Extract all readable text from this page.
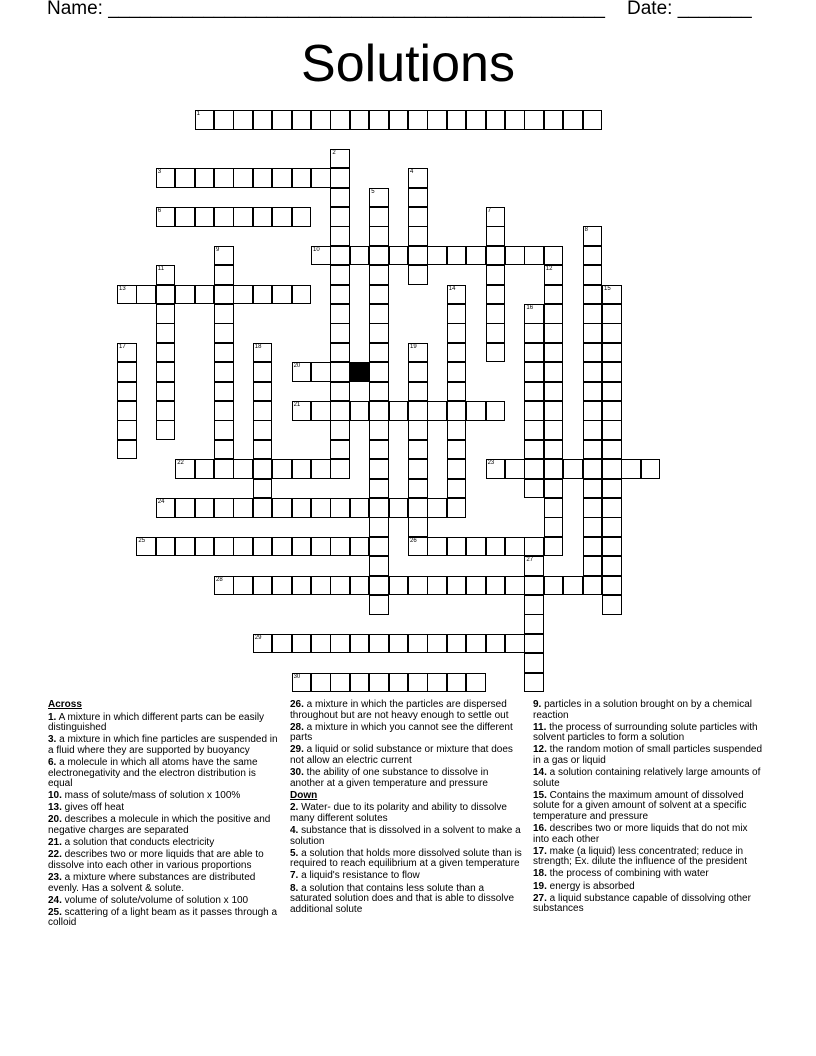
Name: _______________________________________________ Date: _______
Solutions
1
2
3	4
5
6	7
8
9	10
11	12
13	14	15
16
17	18	19
26
20
21
22	23
24
25
27
28
29
30
Across
1. A mixture in which different parts can be easily distinguished
3. a mixture in which fine particles are suspended in a fluid where they are supported by buoyancy
6. a molecule in which all atoms have the same electronegativity and the electron distribution is equal
10. mass of solute/mass of solution x 100%
13. gives off heat
20. describes a molecule in which the positive and negative charges are separated
21. a solution that conducts electricity
22. describes two or more liquids that are able to dissolve into each other in various proportions
23. a mixture where substances are distributed evenly. Has a solvent & solute.
24. volume of solute/volume of solution x 100
25. scattering of a light beam as it passes through a colloid
26. a mixture in which the particles are dispersed throughout but are not heavy enough to settle out
28. a mixture in which you cannot see the different parts
29. a liquid or solid substance or mixture that does not allow an electric current
30. the ability of one substance to dissolve in another at a given temperature and pressure
Down
2. Water- due to its polarity and ability to dissolve many different solutes
4. substance that is dissolved in a solvent to make a solution
5. a solution that holds more dissolved solute than is required to reach equilibrium at a given temperature
7. a liquid's resistance to flow
8. a solution that contains less solute than a saturated solution does and that is able to dissolve additional solute
9. particles in a solution brought on by a chemical reaction
11. the process of surrounding solute particles with solvent particles to form a solution
12. the random motion of small particles suspended in a gas or liquid
14. a solution containing relatively large amounts of solute
15. Contains the maximum amount of dissolved solute for a given amount of solvent at a specific temperature and pressure
16. describes two or more liquids that do not mix into each other
17. make (a liquid) less concentrated; reduce in strength; Ex. dilute the influence of the president
18. the process of combining with water
19. energy is absorbed
27. a liquid substance capable of dissolving other substances
